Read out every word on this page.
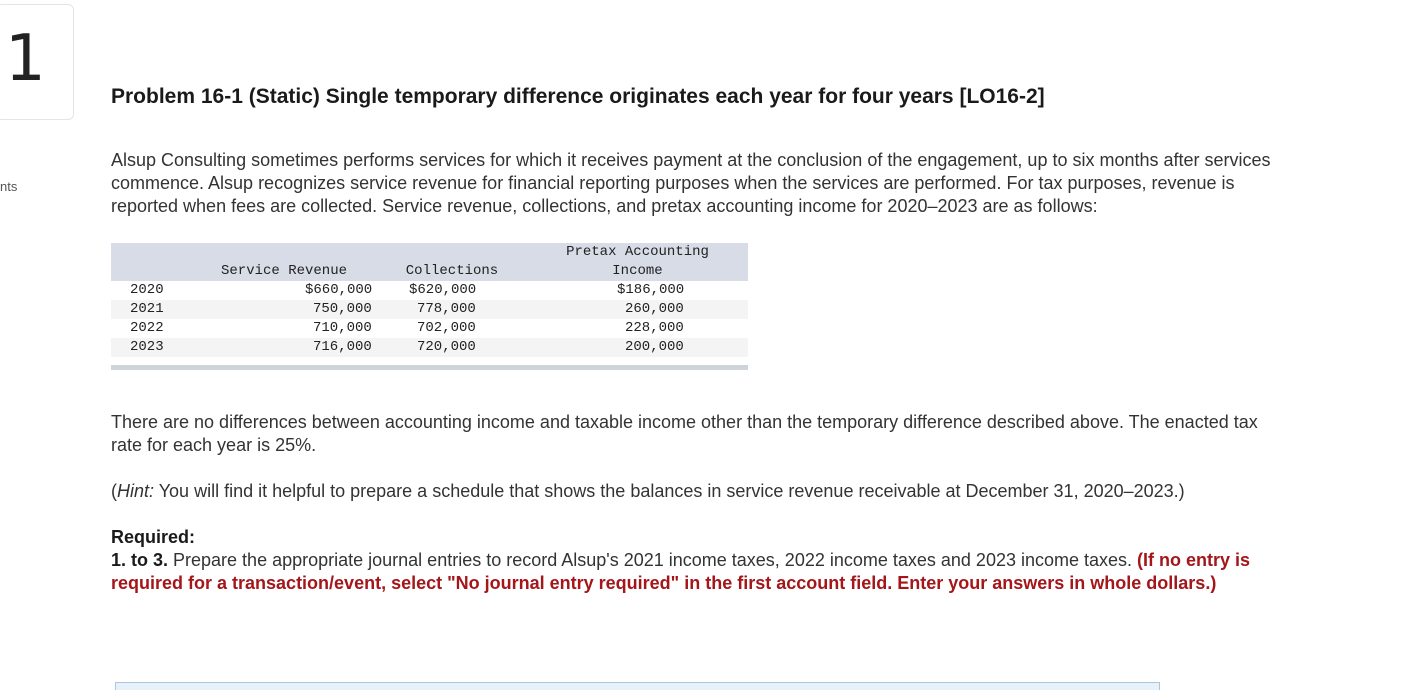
1
nts
Problem 16-1 (Static) Single temporary difference originates each year for four years [LO16-2]

Alsup Consulting sometimes performs services for which it receives payment at the conclusion of the engagement, up to six months after services commence. Alsup recognizes service revenue for financial reporting purposes when the services are performed. For tax purposes, revenue is reported when fees are collected. Service revenue, collections, and pretax accounting income for 2020–2023 are as follows:

	Service Revenue	Collections	Pretax Accounting
Income

2020	$660,000	$620,000	$186,000
2021	750,000	778,000	260,000
2022	710,000	702,000	228,000
2023	716,000	720,000	200,000

There are no differences between accounting income and taxable income other than the temporary difference described above. The enacted tax rate for each year is 25%.

(Hint: You will find it helpful to prepare a schedule that shows the balances in service revenue receivable at December 31, 2020–2023.)

Required:
1. to 3. Prepare the appropriate journal entries to record Alsup's 2021 income taxes, 2022 income taxes and 2023 income taxes. (If no entry is required for a transaction/event, select "No journal entry required" in the first account field. Enter your answers in whole dollars.)
